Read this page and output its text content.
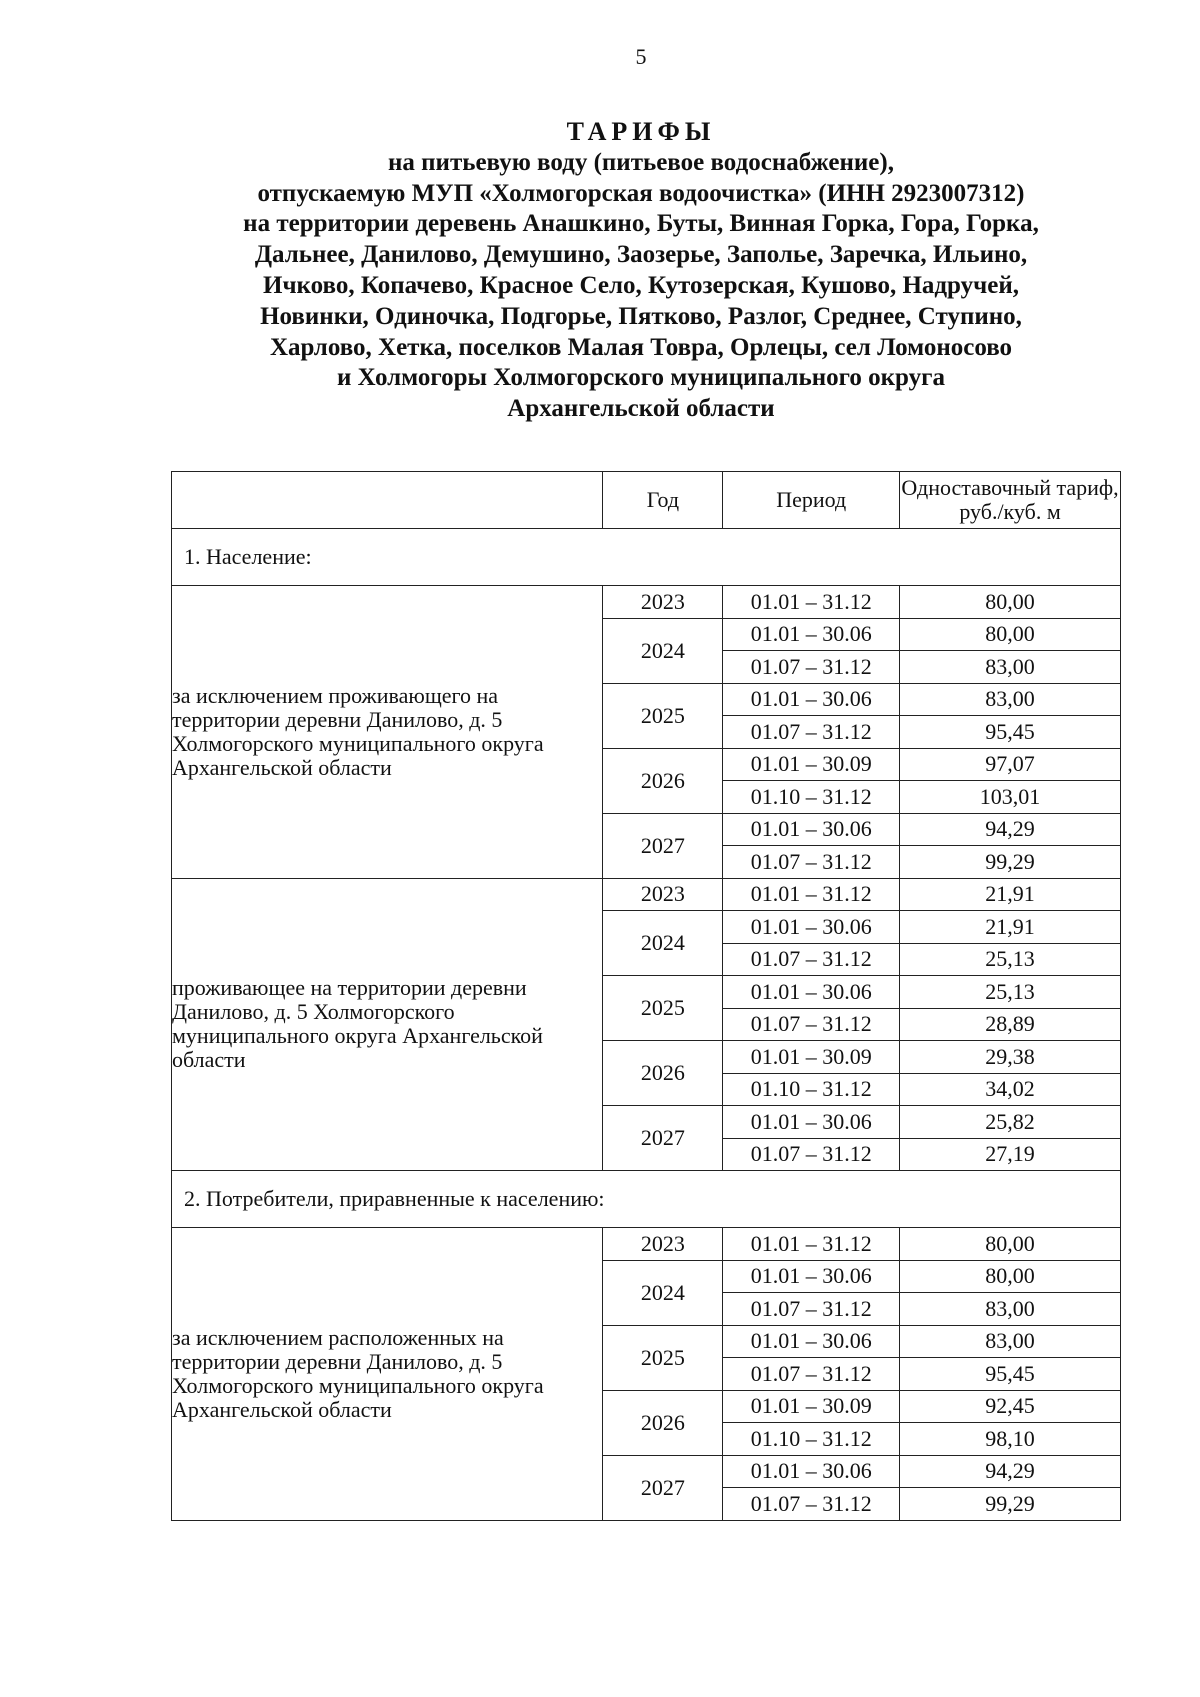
5
ТАРИФЫ
на питьевую воду (питьевое водоснабжение),
отпускаемую МУП «Холмогорская водоочистка» (ИНН 2923007312)
на территории деревень Анашкино, Буты, Винная Горка, Гора, Горка,
Дальнее, Данилово, Демушино, Заозерье, Заполье, Заречка, Ильино,
Ичково, Копачево, Красное Село, Кутозерская, Кушово, Надручей,
Новинки, Одиночка, Подгорье, Пятково, Разлог, Среднее, Ступино,
Харлово, Хетка, поселков Малая Товра, Орлецы, сел Ломоносово
и Холмогоры Холмогорского муниципального округа
Архангельской области
	Год	Период	Одноставочный тариф, руб./куб. м
1. Население:			
за исключением проживающего на территории деревни Данилово, д. 5 Холмогорского муниципального округа Архангельской области	2023	01.01 – 31.12	80,00
	2024	01.01 – 30.06	80,00
		01.07 – 31.12	83,00
	2025	01.01 – 30.06	83,00
		01.07 – 31.12	95,45
	2026	01.01 – 30.09	97,07
		01.10 – 31.12	103,01
	2027	01.01 – 30.06	94,29
		01.07 – 31.12	99,29
проживающее на территории деревни Данилово, д. 5 Холмогорского муниципального округа Архангельской области	2023	01.01 – 31.12	21,91
	2024	01.01 – 30.06	21,91
		01.07 – 31.12	25,13
	2025	01.01 – 30.06	25,13
		01.07 – 31.12	28,89
	2026	01.01 – 30.09	29,38
		01.10 – 31.12	34,02
	2027	01.01 – 30.06	25,82
		01.07 – 31.12	27,19
2. Потребители, приравненные к населению:			
за исключением расположенных на территории деревни Данилово, д. 5 Холмогорского муниципального округа Архангельской области	2023	01.01 – 31.12	80,00
	2024	01.01 – 30.06	80,00
		01.07 – 31.12	83,00
	2025	01.01 – 30.06	83,00
		01.07 – 31.12	95,45
	2026	01.01 – 30.09	92,45
		01.10 – 31.12	98,10
	2027	01.01 – 30.06	94,29
		01.07 – 31.12	99,29
